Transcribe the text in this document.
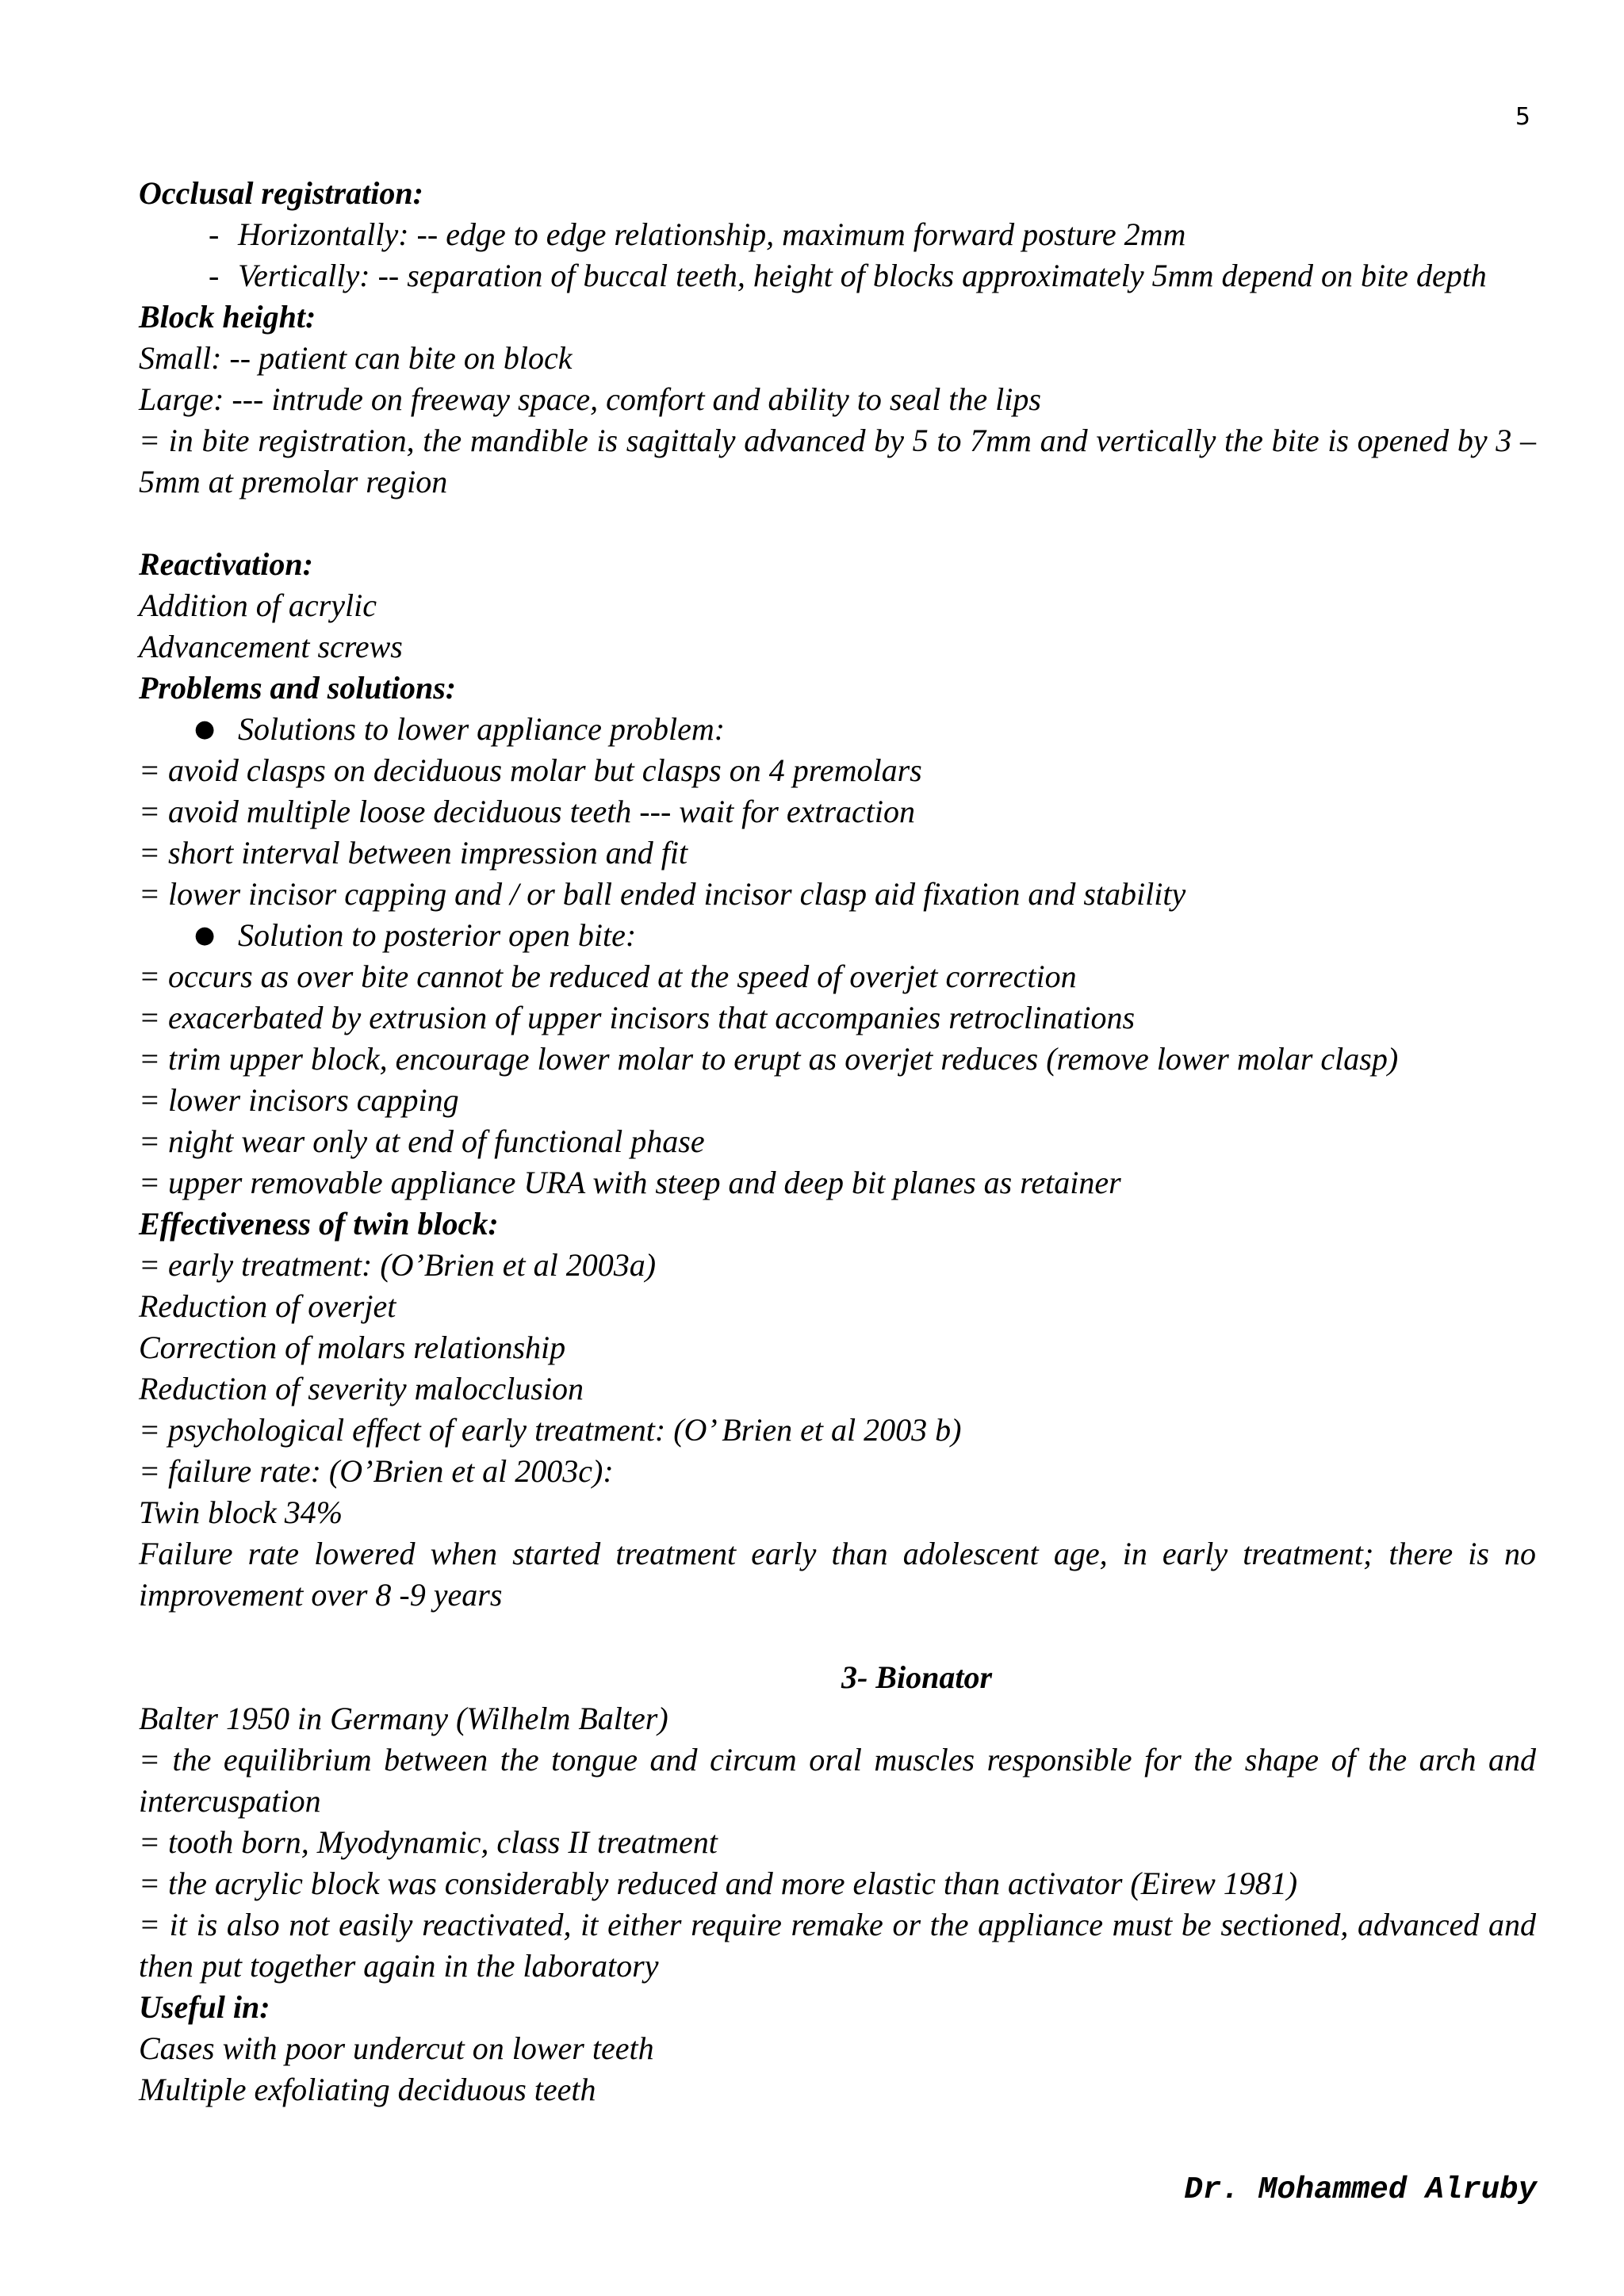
5

Occlusal registration:

- Horizontally: -- edge to edge relationship, maximum forward posture 2mm
- Vertically: -- separation of buccal teeth, height of blocks approximately 5mm depend on bite depth

Block height:

Small: -- patient can bite on block

Large: --- intrude on freeway space, comfort and ability to seal the lips

= in bite registration, the mandible is sagittaly advanced by 5 to 7mm and vertically the bite is opened by 3 – 5mm at premolar region

Reactivation:

Addition of acrylic

Advancement screws

Problems and solutions:

● Solutions to lower appliance problem:

= avoid clasps on deciduous molar but clasps on 4 premolars

= avoid multiple loose deciduous teeth --- wait for extraction

= short interval between impression and fit

= lower incisor capping and / or ball ended incisor clasp aid fixation and stability

● Solution to posterior open bite:

= occurs as over bite cannot be reduced at the speed of overjet correction

= exacerbated by extrusion of upper incisors that accompanies retroclinations

= trim upper block, encourage lower molar to erupt as overjet reduces (remove lower molar clasp)

= lower incisors capping

= night wear only at end of functional phase

= upper removable appliance URA with steep and deep bit planes as retainer

Effectiveness of twin block:

= early treatment: (O’Brien et al 2003a)

Reduction of overjet

Correction of molars relationship

Reduction of severity malocclusion

= psychological effect of early treatment: (O’ Brien et al 2003 b)

= failure rate: (O’Brien et al 2003c):

Twin block 34%

Failure rate lowered when started treatment early than adolescent age, in early treatment; there is no improvement over 8 -9 years

3- Bionator

Balter 1950 in Germany (Wilhelm Balter)

= the equilibrium between the tongue and circum oral muscles responsible for the shape of the arch and intercuspation

= tooth born, Myodynamic, class II treatment

= the acrylic block was considerably reduced and more elastic than activator (Eirew 1981)

= it is also not easily reactivated, it either require remake or the appliance must be sectioned, advanced and then put together again in the laboratory

Useful in:

Cases with poor undercut on lower teeth

Multiple exfoliating deciduous teeth

Dr. Mohammed Alruby
